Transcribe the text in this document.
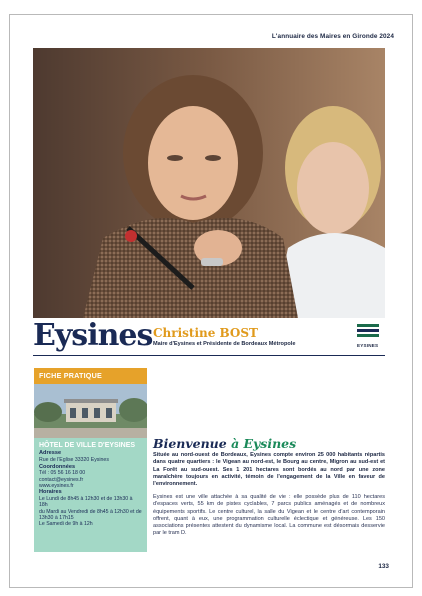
L'annuaire des Maires en Gironde 2024
Eysines Christine BOST
Maire d'Eysines et Présidente de Bordeaux Métropole	EYSINES
FICHE PRATIQUE
HÔTEL DE VILLE D'EYSINES
Adresse
Rue de l'Eglise 33320 Eysines
Coordonnées
Tél : 05 56 16 18 00
contact@eysines.fr
www.eysines.fr
Horaires
Le Lundi de 8h45 à 12h30 et de 13h30 à 18h
du Mardi au Vendredi de 8h45 à 12h30 et de 13h30 à 17h15
Le Samedi de 9h à 12h
Bienvenue à Eysines
Située au nord-ouest de Bordeaux, Eysines compte environ 25 000 habitants répartis dans quatre quartiers : le Vigean au nord-est, le Bourg au centre, Migron au sud-est et La Forêt au sud-ouest. Ses 1 201 hectares sont bordés au nord par une zone maraîchère toujours en activité, témoin de l'engagement de la Ville en faveur de l'environnement.
Eysines est une ville attachée à sa qualité de vie : elle possède plus de 110 hectares d'espaces verts, 55 km de pistes cyclables, 7 parcs publics aménagés et de nombreux équipements sportifs. Le centre culturel, la salle du Vigean et le centre d'art contemporain offrent, quant à eux, une programmation culturelle éclectique et généreuse. Les 150 associations présentes attestent du dynamisme local. La commune est désormais desservie par le tram D.
133
